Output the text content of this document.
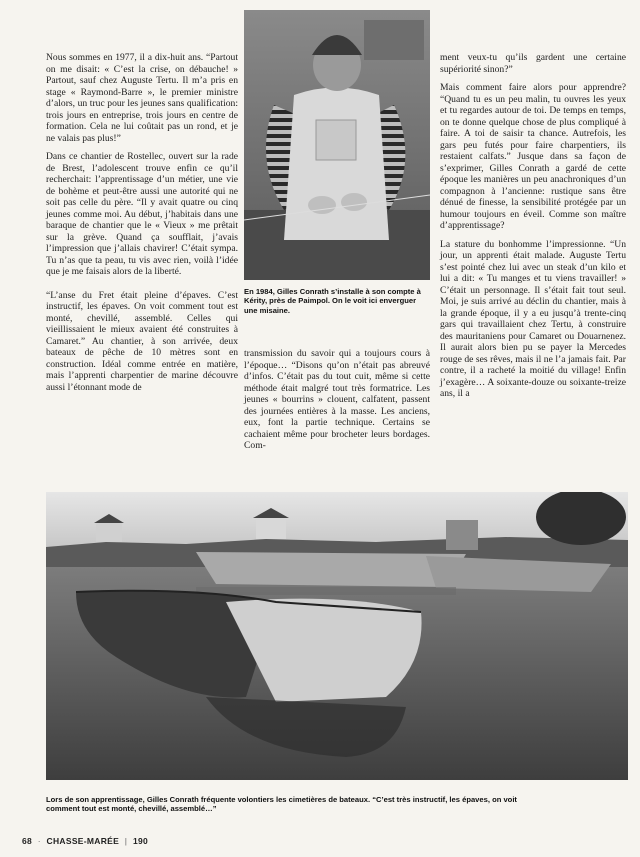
Nous sommes en 1977, il a dix-huit ans. “Partout on me disait: « C’est la crise, on débauche! » Partout, sauf chez Auguste Tertu. Il m’a pris en stage « Raymond-Barre », le premier ministre d’alors, un truc pour les jeunes sans qualification: trois jours en entreprise, trois jours en centre de formation. Cela ne lui coûtait pas un rond, et je ne valais pas plus!”

Dans ce chantier de Rostellec, ouvert sur la rade de Brest, l’adolescent trouve enfin ce qu’il recherchait: l’apprentissage d’un métier, une vie de bohème et peut-être aussi une autorité qui ne soit pas celle du père. “Il y avait quatre ou cinq jeunes comme moi. Au début, j’habitais dans une baraque de chantier que le « Vieux » me prêtait sur la grève. Quand ça soufflait, j’avais l’impression que j’allais chavirer! C’était sympa. Tu n’as que ta peau, tu vis avec rien, voilà l’idée que je me faisais alors de la liberté.

“L’anse du Fret était pleine d’épaves. C’est instructif, les épaves. On voit comment tout est monté, chevillé, assemblé. Celles qui vieillissaient le mieux avaient été construites à Camaret.” Au chantier, à son arrivée, deux bateaux de pêche de 10 mètres sont en construction. Idéal comme entrée en matière, mais l’apprenti charpentier de marine découvre aussi l’étonnant mode de

En 1984, Gilles Conrath s’installe à son compte à Kérity, près de Paimpol. On le voit ici enverguer une misaine.

transmission du savoir qui a toujours cours à l’époque… “Disons qu’on n’était pas abreuvé d’infos. C’était pas du tout cuit, même si cette méthode était malgré tout très formatrice. Les jeunes « bourrins » clouent, calfatent, passent des journées entières à la masse. Les anciens, eux, font la partie technique. Certains se cachaient même pour brocheter leurs bordages. Com-

ment veux-tu qu’ils gardent une certaine supériorité sinon?”

Mais comment faire alors pour apprendre? “Quand tu es un peu malin, tu ouvres les yeux et tu regardes autour de toi. De temps en temps, on te donne quelque chose de plus compliqué à faire. A toi de saisir ta chance. Autrefois, les gars peu futés pour faire charpentiers, ils restaient calfats.” Jusque dans sa façon de s’exprimer, Gilles Conrath a gardé de cette époque les manières un peu anachroniques d’un compagnon à l’ancienne: rustique sans être dénué de finesse, la sensibilité protégée par un humour toujours en éveil. Comme son maître d’apprentissage?

La stature du bonhomme l’impressionne. “Un jour, un apprenti était malade. Auguste Tertu s’est pointé chez lui avec un steak d’un kilo et lui a dit: « Tu manges et tu viens travailler! » C’était un personnage. Il s’était fait tout seul. Moi, je suis arrivé au déclin du chantier, mais à la grande époque, il y a eu jusqu’à trente-cinq gars qui travaillaient chez Tertu, à construire des mauritaniens pour Camaret ou Douarnenez. Il aurait alors bien pu se payer la Mercedes rouge de ses rêves, mais il ne l’a jamais fait. Par contre, il a racheté la moitié du village! Enfin j’exagère… A soixante-douze ou soixante-treize ans, il a

Lors de son apprentissage, Gilles Conrath fréquente volontiers les cimetières de bateaux. “C’est très instructif, les épaves, on voit comment tout est monté, chevillé, assemblé…”
68 · CHASSE-MARÉE | 190
